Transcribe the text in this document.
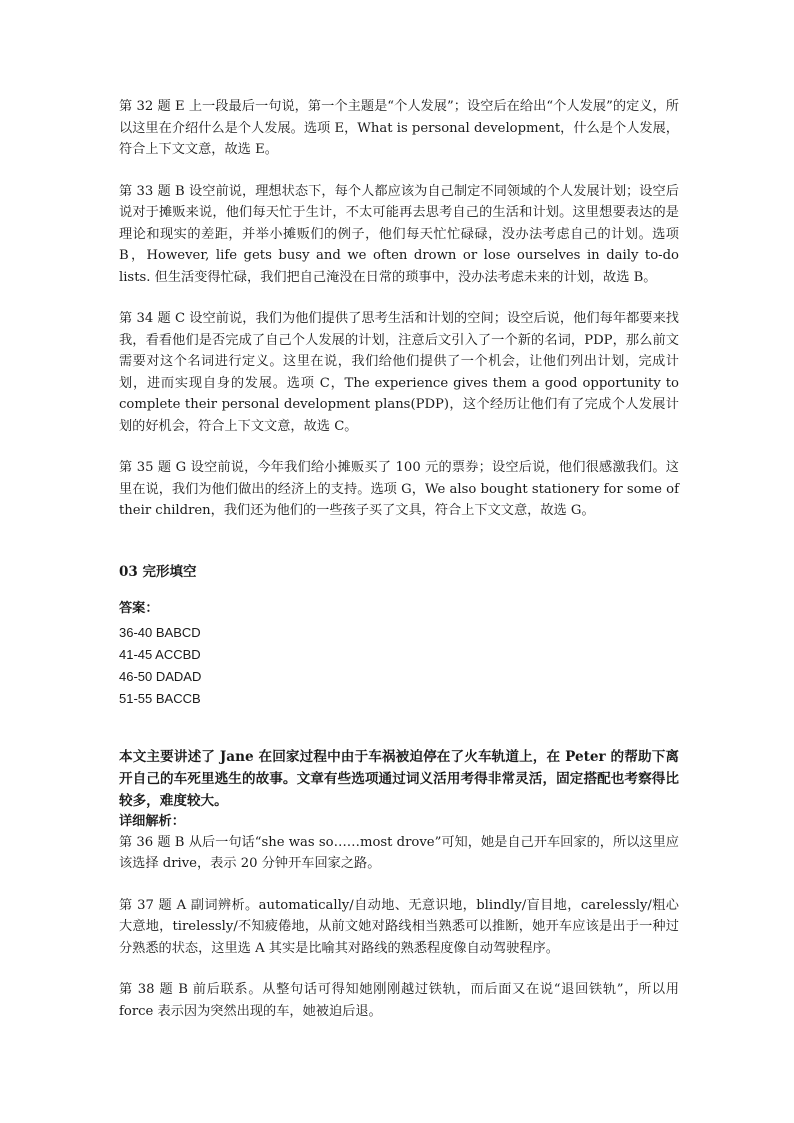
第 32 题 E 上一段最后一句说，第一个主题是“个人发展”；设空后在给出“个人发展”的定义，所以这里在介绍什么是个人发展。选项 E，What is personal development，什么是个人发展，符合上下文文意，故选 E。

第 33 题 B 设空前说，理想状态下，每个人都应该为自己制定不同领域的个人发展计划；设空后说对于摊贩来说，他们每天忙于生计，不太可能再去思考自己的生活和计划。这里想要表达的是理论和现实的差距，并举小摊贩们的例子，他们每天忙忙碌碌，没办法考虑自己的计划。选项 B，However, life gets busy and we often drown or lose ourselves in daily to-do lists. 但生活变得忙碌，我们把自己淹没在日常的琐事中，没办法考虑未来的计划，故选 B。

第 34 题 C 设空前说，我们为他们提供了思考生活和计划的空间；设空后说，他们每年都要来找我，看看他们是否完成了自己个人发展的计划，注意后文引入了一个新的名词，PDP，那么前文需要对这个名词进行定义。这里在说，我们给他们提供了一个机会，让他们列出计划，完成计划，进而实现自身的发展。选项 C，The experience gives them a good opportunity to complete their personal development plans(PDP)，这个经历让他们有了完成个人发展计划的好机会，符合上下文文意，故选 C。

第 35 题 G 设空前说，今年我们给小摊贩买了 100 元的票券；设空后说，他们很感激我们。这里在说，我们为他们做出的经济上的支持。选项 G，We also bought stationery for some of their children，我们还为他们的一些孩子买了文具，符合上下文文意，故选 G。

03 完形填空
答案：

36-40 BABCD

41-45 ACCBD

46-50 DADAD

51-55 BACCB

本文主要讲述了 Jane 在回家过程中由于车祸被迫停在了火车轨道上，在 Peter 的帮助下离开自己的车死里逃生的故事。文章有些选项通过词义活用考得非常灵活，固定搭配也考察得比较多，难度较大。

详细解析：

第 36 题 B 从后一句话“she was so……most drove”可知，她是自己开车回家的，所以这里应该选择 drive，表示 20 分钟开车回家之路。

第 37 题 A 副词辨析。automatically/自动地、无意识地，blindly/盲目地，carelessly/粗心大意地，tirelessly/不知疲倦地，从前文她对路线相当熟悉可以推断，她开车应该是出于一种过分熟悉的状态，这里选 A 其实是比喻其对路线的熟悉程度像自动驾驶程序。

第 38 题 B 前后联系。从整句话可得知她刚刚越过铁轨，而后面又在说“退回铁轨”，所以用 force 表示因为突然出现的车，她被迫后退。
